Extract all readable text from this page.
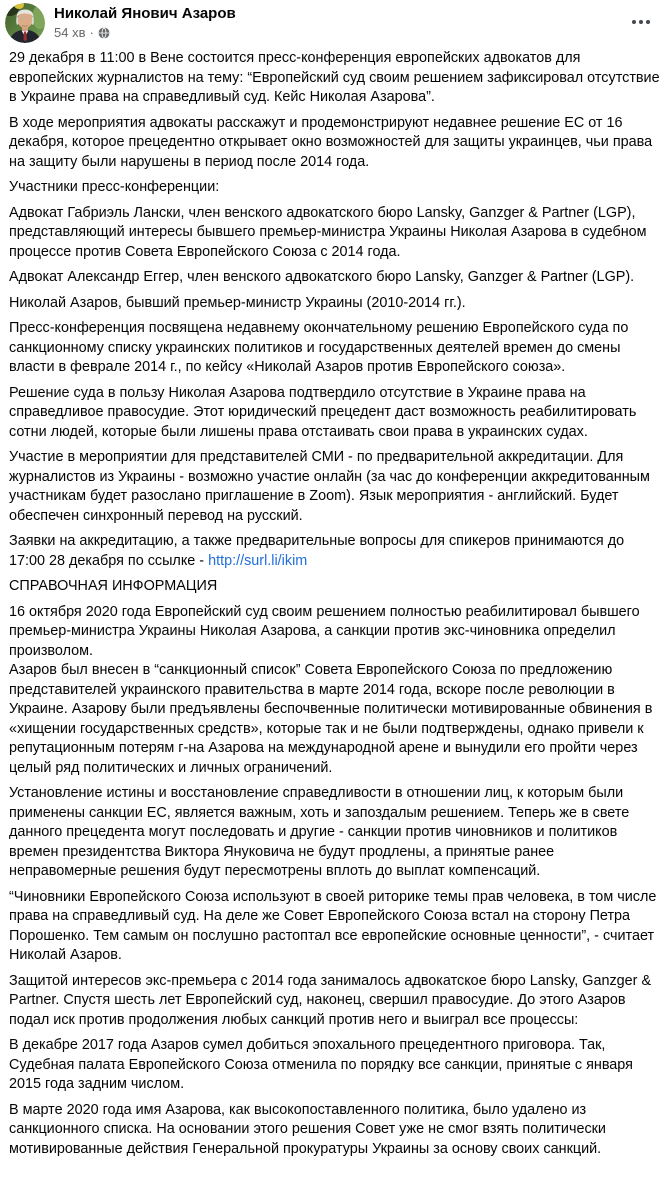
Николай Янович Азаров
54 хв ·
29 декабря в 11:00 в Вене состоится пресс-конференция европейских адвокатов для европейских журналистов на тему: “Европейский суд своим решением зафиксировал отсутствие в Украине права на справедливый суд. Кейс Николая Азарова”.
В ходе мероприятия адвокаты расскажут и продемонстрируют недавнее решение ЕС от 16 декабря, которое прецедентно открывает окно возможностей для защиты украинцев, чьи права на защиту были нарушены в период после 2014 года.
Участники пресс-конференции:
Адвокат Габриэль Лански, член венского адвокатского бюро Lansky, Ganzger & Partner (LGP), представляющий интересы бывшего премьер-министра Украины Николая Азарова в судебном процессе против Совета Европейского Союза с 2014 года.
Адвокат Александр Еггер, член венского адвокатского бюро Lansky, Ganzger & Partner (LGP).
Николай Азаров, бывший премьер-министр Украины (2010-2014 гг.).
Пресс-конференция посвящена недавнему окончательному решению Европейского суда по санкционному списку украинских политиков и государственных деятелей времен до смены власти в феврале 2014 г., по кейсу «Николай Азаров против Европейского союза».
Решение суда в пользу Николая Азарова подтвердило отсутствие в Украине права на справедливое правосудие. Этот юридический прецедент даст возможность реабилитировать сотни людей, которые были лишены права отстаивать свои права в украинских судах.
Участие в мероприятии для представителей СМИ - по предварительной аккредитации. Для журналистов из Украины - возможно участие онлайн (за час до конференции аккредитованным участникам будет разослано приглашение в Zoom). Язык мероприятия - английский. Будет обеспечен синхронный перевод на русский.
Заявки на аккредитацию, а также предварительные вопросы для спикеров принимаются до 17:00 28 декабря по ссылке - http://surl.li/ikim
СПРАВОЧНАЯ ИНФОРМАЦИЯ
16 октября 2020 года Европейский суд своим решением полностью реабилитировал бывшего премьер-министра Украины Николая Азарова, а санкции против экс-чиновника определил произволом.
Азаров был внесен в “санкционный список” Совета Европейского Союза по предложению представителей украинского правительства в марте 2014 года, вскоре после революции в Украине. Азарову были предъявлены беспочвенные политически мотивированные обвинения в «хищении государственных средств», которые так и не были подтверждены, однако привели к репутационным потерям г-на Азарова на международной арене и вынудили его пройти через целый ряд политических и личных ограничений.
Установление истины и восстановление справедливости в отношении лиц, к которым были применены санкции ЕС, является важным, хоть и запоздалым решением. Теперь же в свете данного прецедента могут последовать и другие - санкции против чиновников и политиков времен президентства Виктора Януковича не будут продлены, а принятые ранее неправомерные решения будут пересмотрены вплоть до выплат компенсаций.
“Чиновники Европейского Союза используют в своей риторике темы прав человека, в том числе права на справедливый суд. На деле же Совет Европейского Союза встал на сторону Петра Порошенко. Тем самым он послушно растоптал все европейские основные ценности”, - считает Николай Азаров.
Защитой интересов экс-премьера с 2014 года занималось адвокатское бюро Lansky, Ganzger & Partner. Спустя шесть лет Европейский суд, наконец, свершил правосудие. До этого Азаров подал иск против продолжения любых санкций против него и выиграл все процессы:
В декабре 2017 года Азаров сумел добиться эпохального прецедентного приговора. Так, Судебная палата Европейского Союза отменила по порядку все санкции, принятые с января 2015 года задним числом.
В марте 2020 года имя Азарова, как высокопоставленного политика, было удалено из санкционного списка. На основании этого решения Совет уже не смог взять политически мотивированные действия Генеральной прокуратуры Украины за основу своих санкций.
